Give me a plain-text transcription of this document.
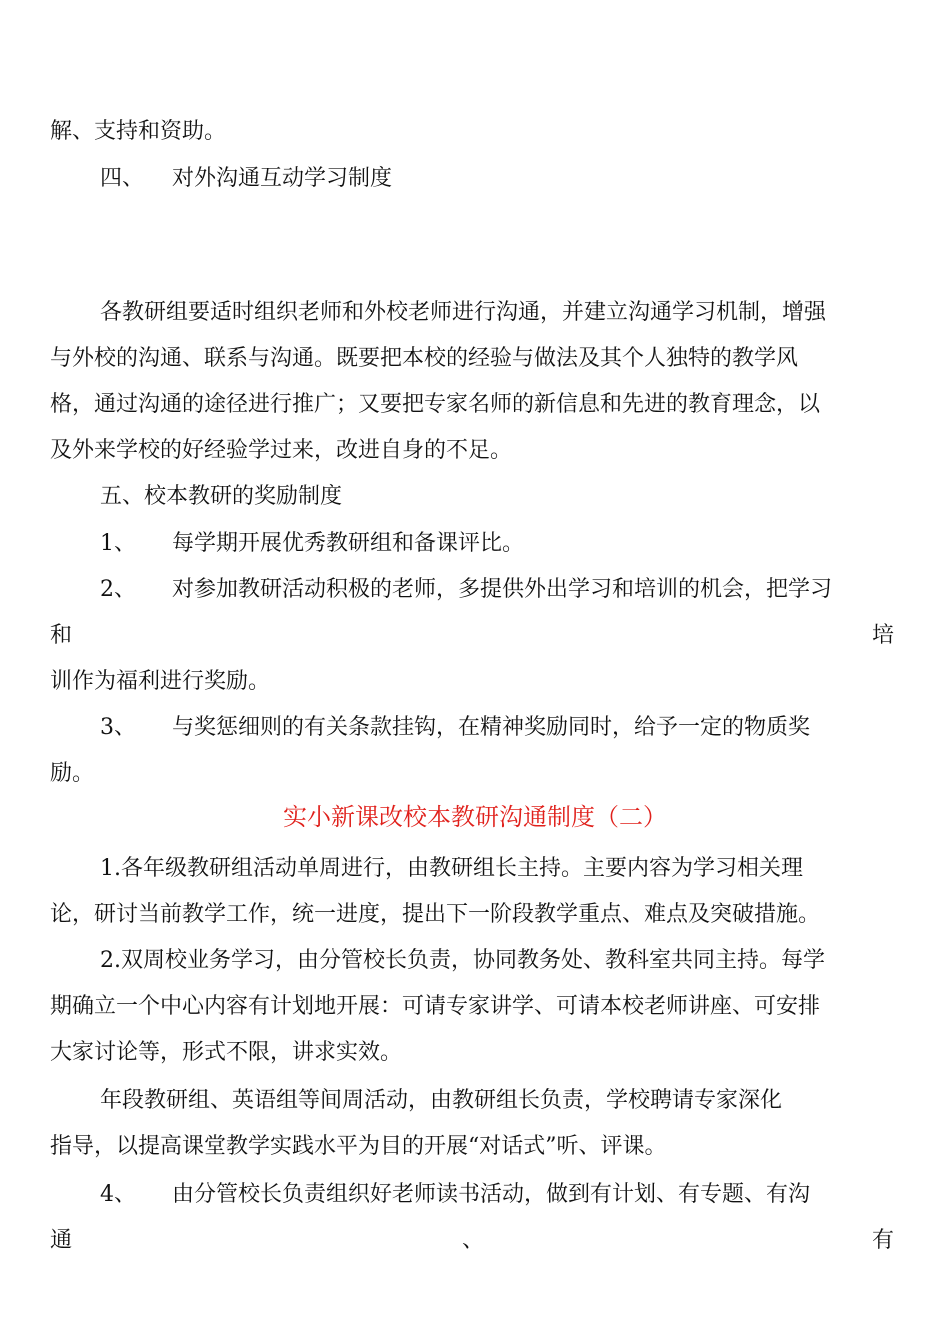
解、支持和资助。
四、 对外沟通互动学习制度
各教研组要适时组织老师和外校老师进行沟通，并建立沟通学习机制，增强
与外校的沟通、联系与沟通。既要把本校的经验与做法及其个人独特的教学风
格，通过沟通的途径进行推广；又要把专家名师的新信息和先进的教育理念，以
及外来学校的好经验学过来，改进自身的不足。
五、校本教研的奖励制度
1、 每学期开展优秀教研组和备课评比。
2、 对参加教研活动积极的老师，多提供外出学习和培训的机会，把学习
和	培
训作为福利进行奖励。
3、 与奖惩细则的有关条款挂钩，在精神奖励同时，给予一定的物质奖
励。
实小新课改校本教研沟通制度（二）
1.各年级教研组活动单周进行，由教研组长主持。主要内容为学习相关理
论，研讨当前教学工作，统一进度，提出下一阶段教学重点、难点及突破措施。
2.双周校业务学习，由分管校长负责，协同教务处、教科室共同主持。每学
期确立一个中心内容有计划地开展：可请专家讲学、可请本校老师讲座、可安排
大家讨论等，形式不限，讲求实效。
年段教研组、英语组等间周活动，由教研组长负责，学校聘请专家深化
指导，以提高课堂教学实践水平为目的开展“对话式”听、评课。
4、 由分管校长负责组织好老师读书活动，做到有计划、有专题、有沟
通	、	有
